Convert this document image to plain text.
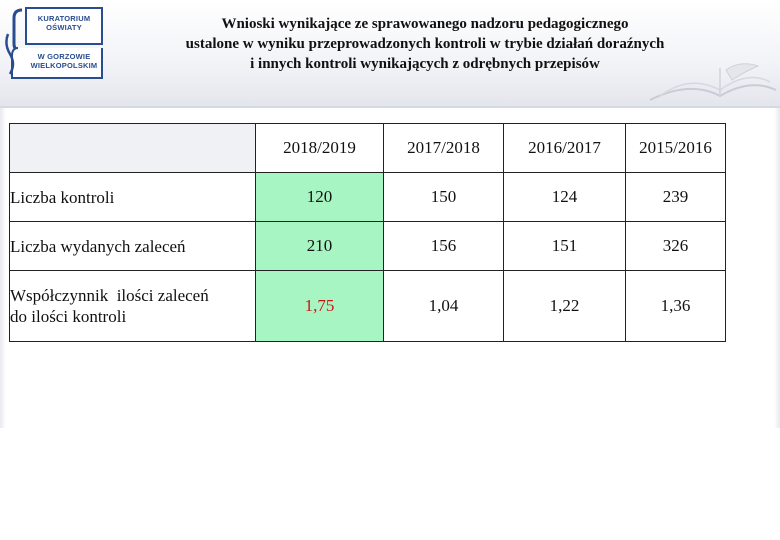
KURATORIUM
OŚWIATY
W GORZOWIE
WIELKOPOLSKIM
Wnioski wynikające ze sprawowanego nadzoru pedagogicznego
ustalone w wyniku przeprowadzonych kontroli w trybie działań doraźnych
i innych kontroli wynikających z odrębnych przepisów
	2018/2019	2017/2018	2016/2017	2015/2016
Liczba kontroli	120	150	124	239
Liczba wydanych zaleceń	210	156	151	326

Współczynnik  ilości zaleceń
do ilości kontroli	1,75	1,04	1,22	1,36
